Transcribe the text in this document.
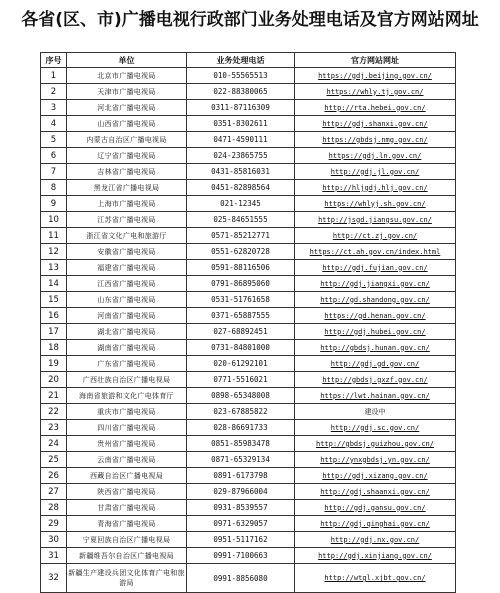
各省(区、市)广播电视行政部门业务处理电话及官方网站网址
序号	单位	业务处理电话	官方网站网址
1	北京市广播电视局	010-55565513	https://gdj.beijing.gov.cn/
2	天津市广播电视局	022-88380065	https://whly.tj.gov.cn/
3	河北省广播电视局	0311-87116309	http://rta.hebei.gov.cn/
4	山西省广播电视局	0351-8302611	http://gdj.shanxi.gov.cn/
5	内蒙古自治区广播电视局	0471-4590111	https://gbdsj.nmg.gov.cn/
6	辽宁省广播电视局	024-23865755	https://gdj.ln.gov.cn/
7	吉林省广播电视局	0431-85816031	http://gdj.jl.gov.cn/
8	黑龙江省广播电视局	0451-82898564	http://hljgdj.hlj.gov.cn/
9	上海市广播电视局	021-12345	https://whlyj.sh.gov.cn/
10	江苏省广播电视局	025-84651555	http://jsgd.jiangsu.gov.cn/
11	浙江省文化广电和旅游厅	0571-85212771	http://ct.zj.gov.cn/
12	安徽省广播电视局	0551-62820728	https://ct.ah.gov.cn/index.html
13	福建省广播电视局	0591-88116506	http://gdj.fujian.gov.cn/
14	江西省广播电视局	0791-86895060	http://gdj.jiangxi.gov.cn/
15	山东省广播电视局	0531-51761658	http://gd.shandong.gov.cn/
16	河南省广播电视局	0371-65887555	https://gd.henan.gov.cn/
17	湖北省广播电视局	027-68892451	http://gdj.hubei.gov.cn/
18	湖南省广播电视局	0731-84801000	http://gbdsj.hunan.gov.cn/
19	广东省广播电视局	020-61292101	http://gdj.gd.gov.cn/
20	广西壮族自治区广播电视局	0771-5516021	http://gbdsj.gxzf.gov.cn/
21	海南省旅游和文化广电体育厅	0898-65348008	https://lwt.hainan.gov.cn/
22	重庆市广播电视局	023-67885822	建设中
23	四川省广播电视局	028-86691733	http://gdj.sc.gov.cn/
24	贵州省广播电视局	0851-85983478	http://gbdsj.guizhou.gov.cn/
25	云南省广播电视局	0871-65329134	http://ynxgbdsj.yn.gov.cn/
26	西藏自治区广播电视局	0891-6173798	http://gdj.xizang.gov.cn/
27	陕西省广播电视局	029-87966004	http://gdj.shaanxi.gov.cn/
28	甘肃省广播电视局	0931-8539557	http://gdj.gansu.gov.cn/
29	青海省广播电视局	0971-6329057	http://gdj.qinghai.gov.cn/
30	宁夏回族自治区广播电视局	0951-5117162	http://gdj.nx.gov.cn/
31	新疆维吾尔自治区广播电视局	0991-7100663	http://gdj.xinjiang.gov.cn/
32	新疆生产建设兵团文化体育广电和旅游局	0991-8856080	http://wtgl.xjbt.gov.cn/
